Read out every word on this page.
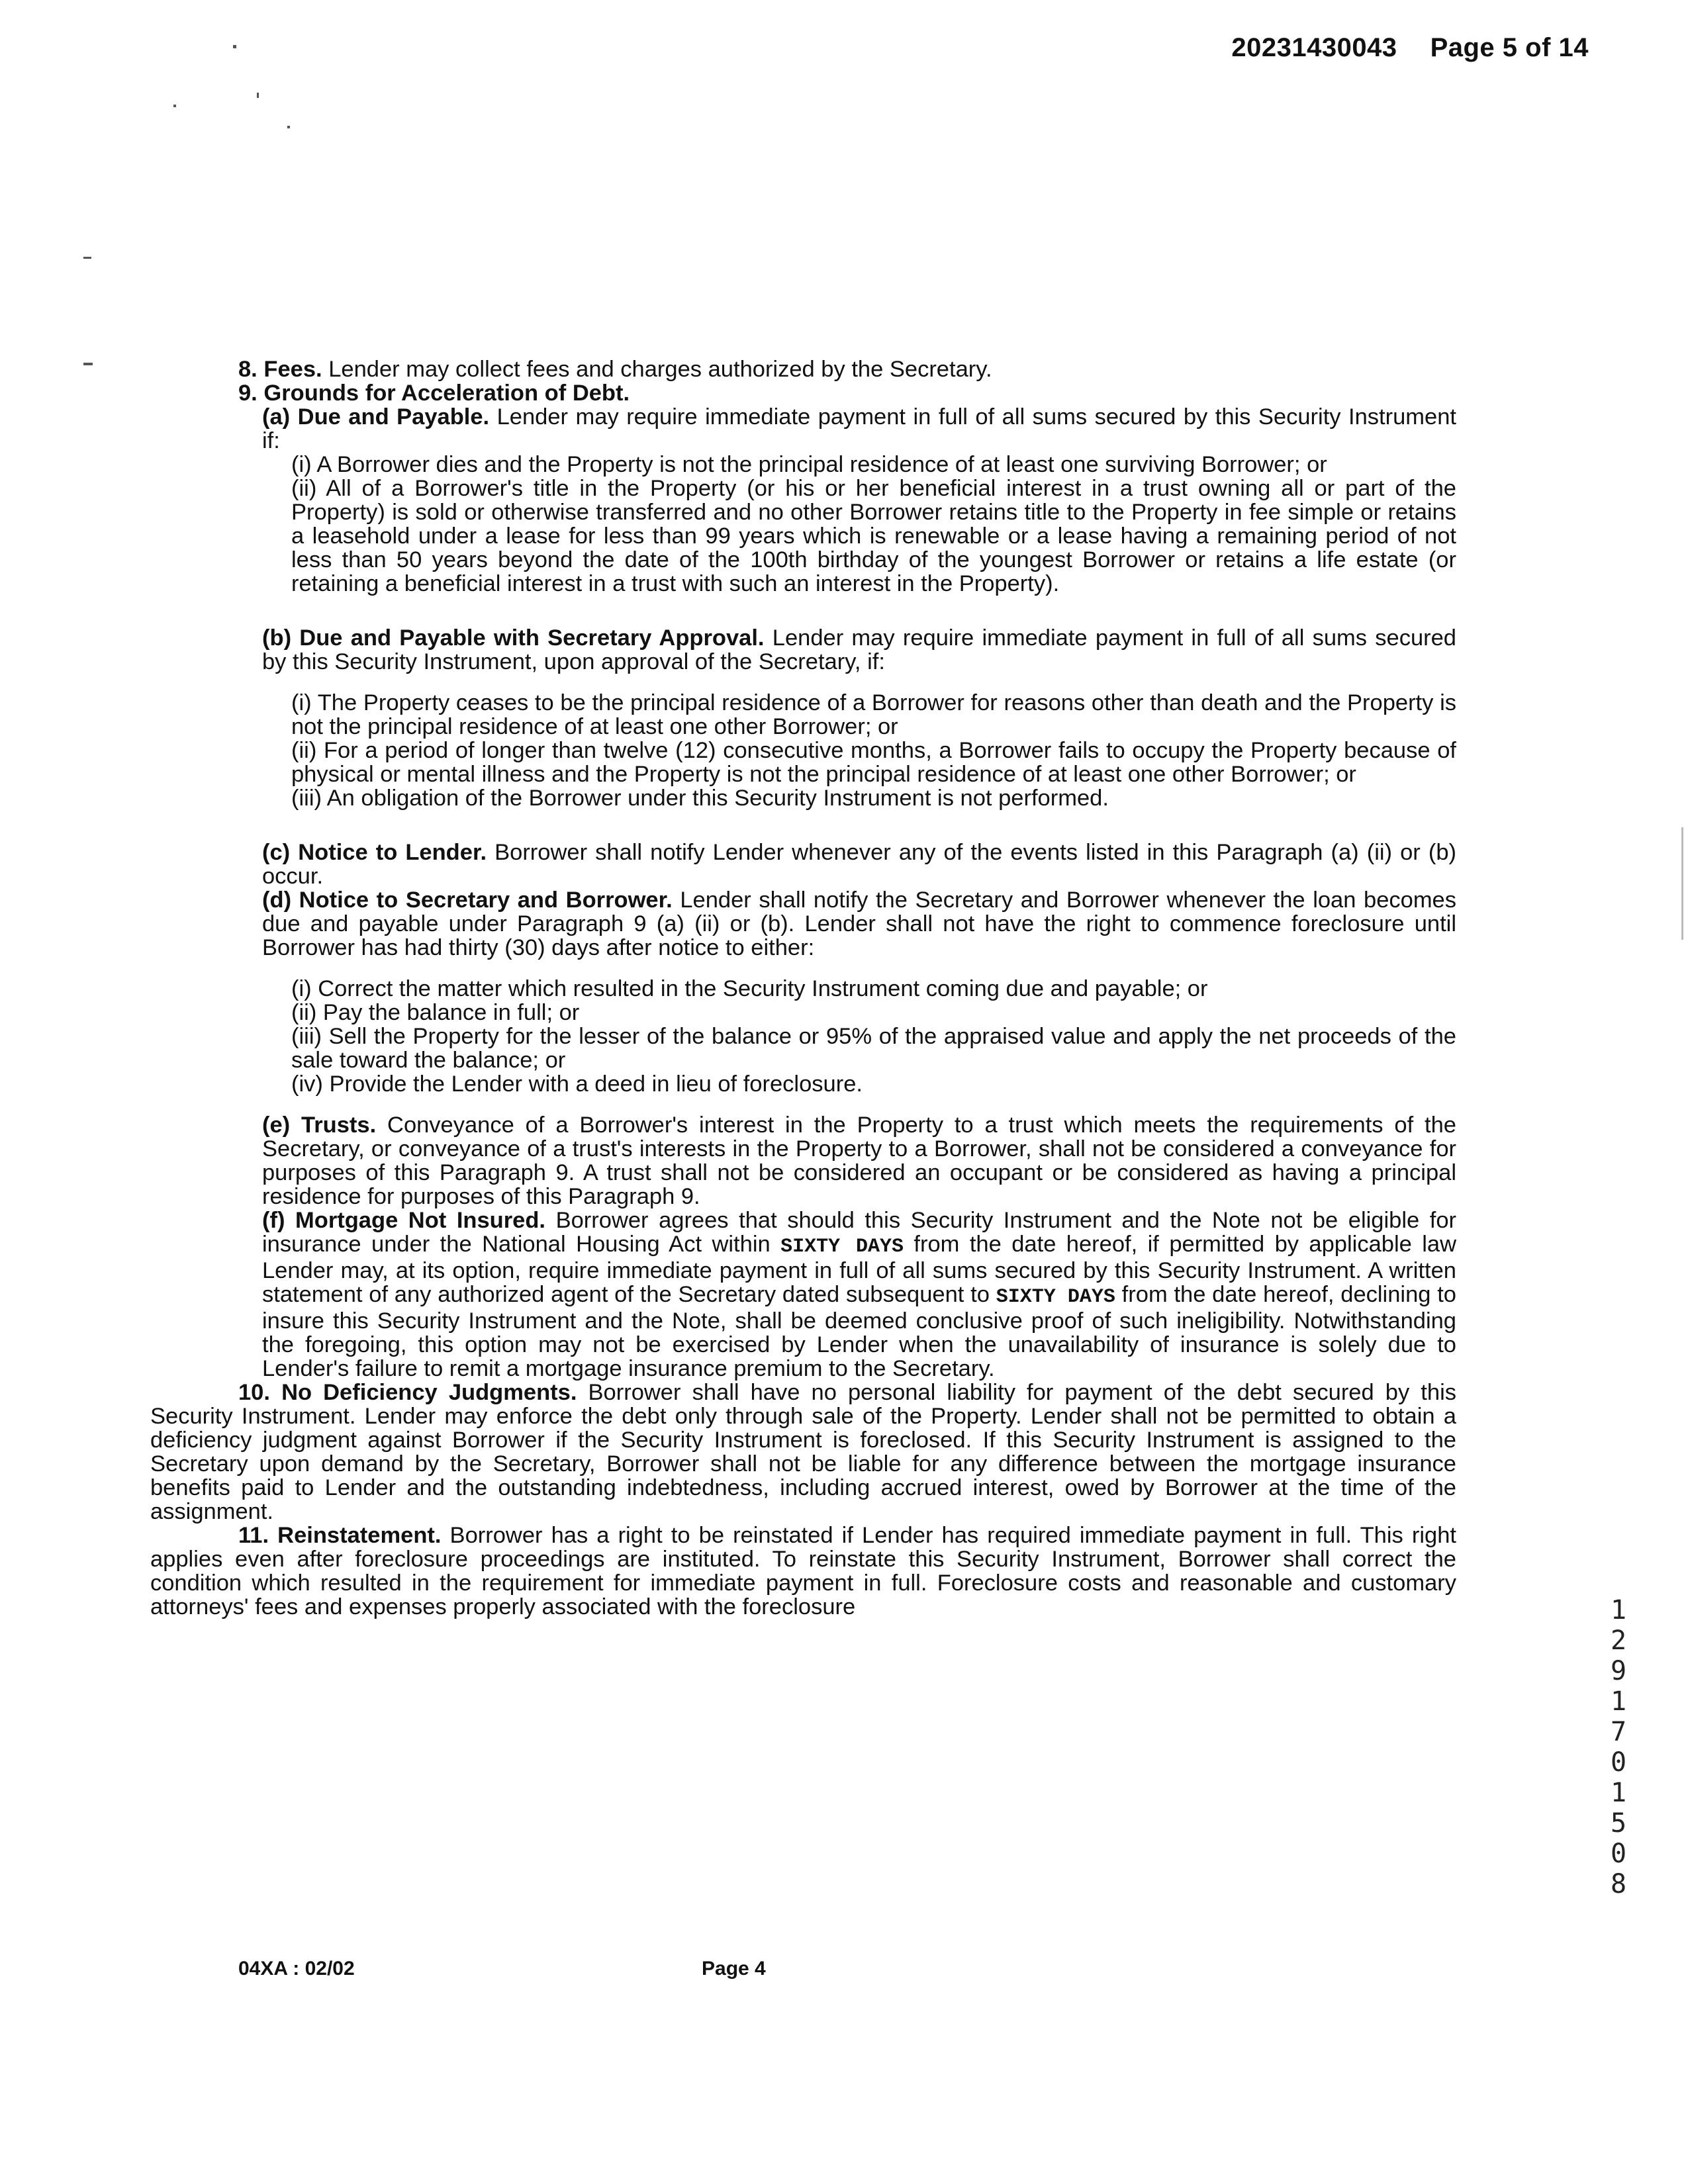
20231430043 Page 5 of 14

8. Fees. Lender may collect fees and charges authorized by the Secretary.

9. Grounds for Acceleration of Debt.

(a) Due and Payable. Lender may require immediate payment in full of all sums secured by this Security Instrument if:

(i) A Borrower dies and the Property is not the principal residence of at least one surviving Borrower; or

(ii) All of a Borrower's title in the Property (or his or her beneficial interest in a trust owning all or part of the Property) is sold or otherwise transferred and no other Borrower retains title to the Property in fee simple or retains a leasehold under a lease for less than 99 years which is renewable or a lease having a remaining period of not less than 50 years beyond the date of the 100th birthday of the youngest Borrower or retains a life estate (or retaining a beneficial interest in a trust with such an interest in the Property).

(b) Due and Payable with Secretary Approval. Lender may require immediate payment in full of all sums secured by this Security Instrument, upon approval of the Secretary, if:

(i) The Property ceases to be the principal residence of a Borrower for reasons other than death and the Property is not the principal residence of at least one other Borrower; or

(ii) For a period of longer than twelve (12) consecutive months, a Borrower fails to occupy the Property because of physical or mental illness and the Property is not the principal residence of at least one other Borrower; or

(iii) An obligation of the Borrower under this Security Instrument is not performed.

(c) Notice to Lender. Borrower shall notify Lender whenever any of the events listed in this Paragraph (a) (ii) or (b) occur.

(d) Notice to Secretary and Borrower. Lender shall notify the Secretary and Borrower whenever the loan becomes due and payable under Paragraph 9 (a) (ii) or (b). Lender shall not have the right to commence foreclosure until Borrower has had thirty (30) days after notice to either:

(i) Correct the matter which resulted in the Security Instrument coming due and payable; or

(ii) Pay the balance in full; or

(iii) Sell the Property for the lesser of the balance or 95% of the appraised value and apply the net proceeds of the sale toward the balance; or

(iv) Provide the Lender with a deed in lieu of foreclosure.

(e) Trusts. Conveyance of a Borrower's interest in the Property to a trust which meets the requirements of the Secretary, or conveyance of a trust's interests in the Property to a Borrower, shall not be considered a conveyance for purposes of this Paragraph 9. A trust shall not be considered an occupant or be considered as having a principal residence for purposes of this Paragraph 9.

(f) Mortgage Not Insured. Borrower agrees that should this Security Instrument and the Note not be eligible for insurance under the National Housing Act within SIXTY DAYS from the date hereof, if permitted by applicable law Lender may, at its option, require immediate payment in full of all sums secured by this Security Instrument. A written statement of any authorized agent of the Secretary dated subsequent to SIXTY DAYS from the date hereof, declining to insure this Security Instrument and the Note, shall be deemed conclusive proof of such ineligibility. Notwithstanding the foregoing, this option may not be exercised by Lender when the unavailability of insurance is solely due to Lender's failure to remit a mortgage insurance premium to the Secretary.

10. No Deficiency Judgments. Borrower shall have no personal liability for payment of the debt secured by this Security Instrument. Lender may enforce the debt only through sale of the Property. Lender shall not be permitted to obtain a deficiency judgment against Borrower if the Security Instrument is foreclosed. If this Security Instrument is assigned to the Secretary upon demand by the Secretary, Borrower shall not be liable for any difference between the mortgage insurance benefits paid to Lender and the outstanding indebtedness, including accrued interest, owed by Borrower at the time of the assignment.

11. Reinstatement. Borrower has a right to be reinstated if Lender has required immediate payment in full. This right applies even after foreclosure proceedings are instituted. To reinstate this Security Instrument, Borrower shall correct the condition which resulted in the requirement for immediate payment in full. Foreclosure costs and reasonable and customary attorneys' fees and expenses properly associated with the foreclosure

04XA : 02/02	Page 4
1
2
9
1
7
0
1
5
0
8
